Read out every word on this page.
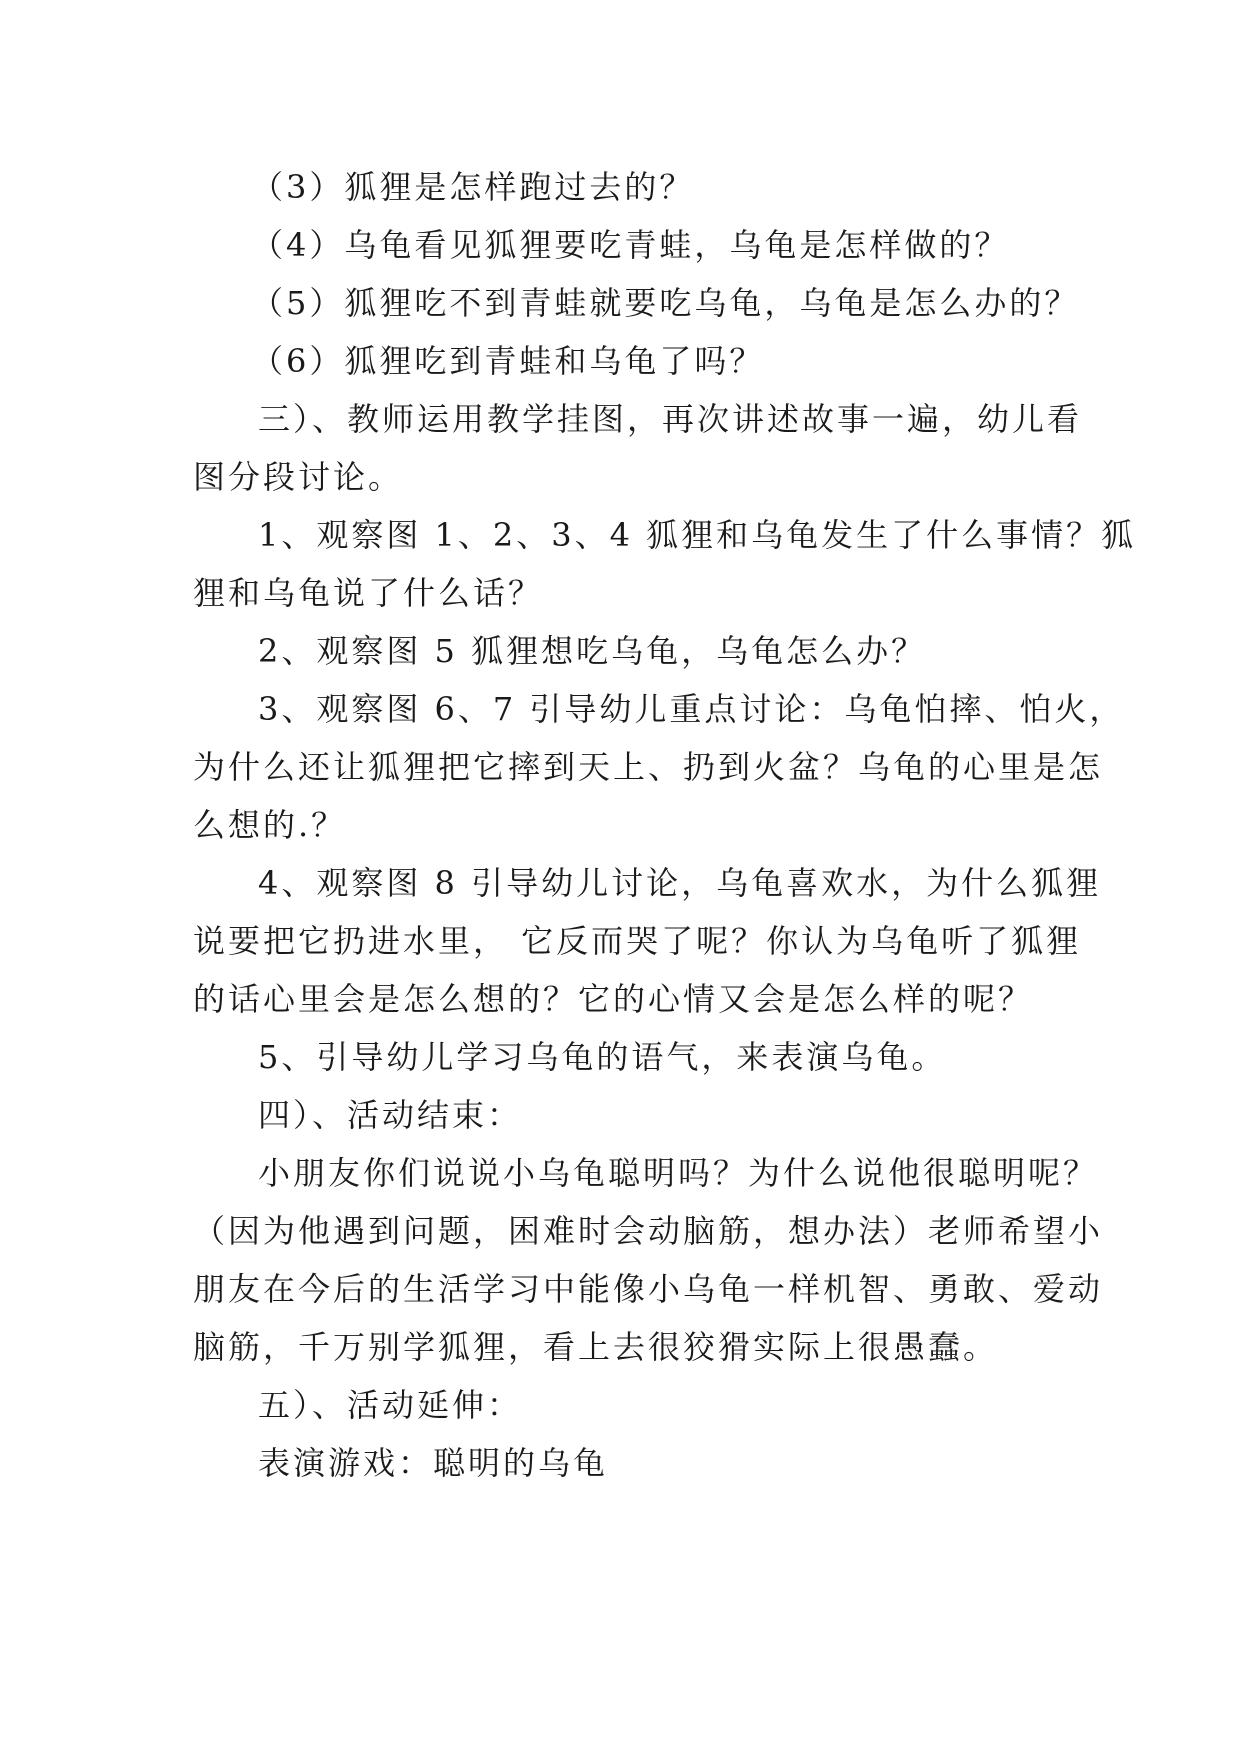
（3）狐狸是怎样跑过去的？
（4）乌龟看见狐狸要吃青蛙，乌龟是怎样做的？
（5）狐狸吃不到青蛙就要吃乌龟，乌龟是怎么办的？
（6）狐狸吃到青蛙和乌龟了吗？
三）、教师运用教学挂图，再次讲述故事一遍，幼儿看
图分段讨论。
1、观察图 1、2、3、4 狐狸和乌龟发生了什么事情？狐
狸和乌龟说了什么话？
2、观察图 5 狐狸想吃乌龟，乌龟怎么办？
3、观察图 6、7 引导幼儿重点讨论：乌龟怕摔、怕火，
为什么还让狐狸把它摔到天上、扔到火盆？乌龟的心里是怎
么想的.？
4、观察图 8 引导幼儿讨论，乌龟喜欢水，为什么狐狸
说要把它扔进水里， 它反而哭了呢？你认为乌龟听了狐狸
的话心里会是怎么想的？它的心情又会是怎么样的呢？
5、引导幼儿学习乌龟的语气，来表演乌龟。
四）、活动结束：
小朋友你们说说小乌龟聪明吗？为什么说他很聪明呢？
（因为他遇到问题，困难时会动脑筋，想办法）老师希望小
朋友在今后的生活学习中能像小乌龟一样机智、勇敢、爱动
脑筋，千万别学狐狸，看上去很狡猾实际上很愚蠢。
五）、活动延伸：
表演游戏：聪明的乌龟
